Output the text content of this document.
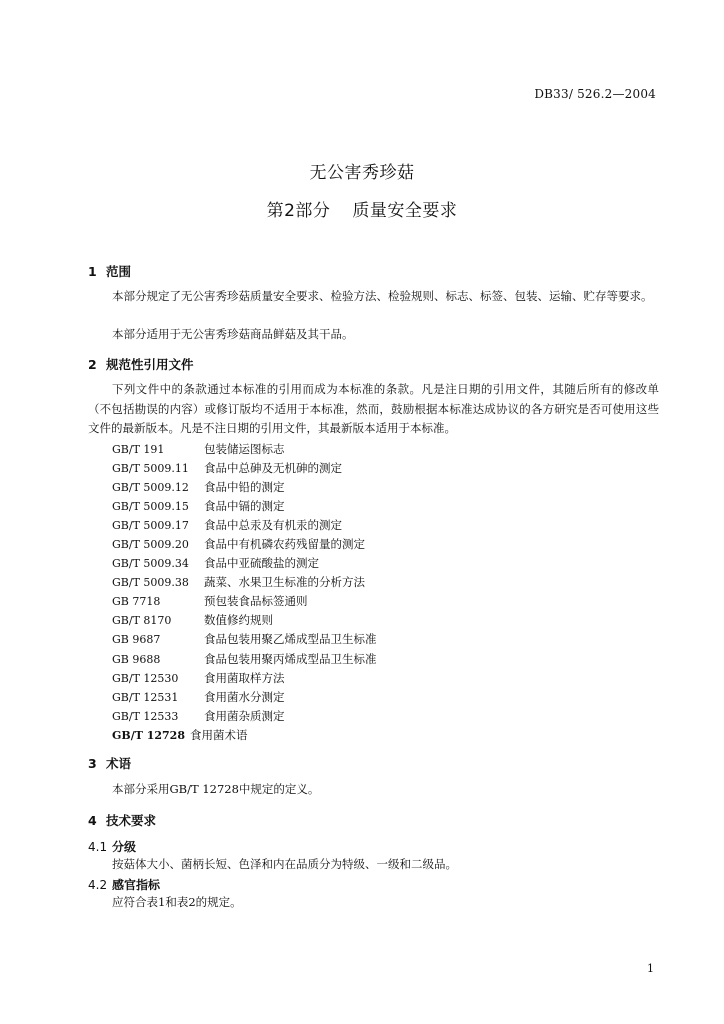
DB33/ 526.2—2004
无公害秀珍菇
第2部分 质量安全要求
1 范围
本部分规定了无公害秀珍菇质量安全要求、检验方法、检验规则、标志、标签、包装、运输、贮存等要求。
本部分适用于无公害秀珍菇商品鲜菇及其干品。
2 规范性引用文件
下列文件中的条款通过本标准的引用而成为本标准的条款。凡是注日期的引用文件，其随后所有的修改单（不包括勘误的内容）或修订版均不适用于本标准，然而，鼓励根据本标准达成协议的各方研究是否可使用这些文件的最新版本。凡是不注日期的引用文件，其最新版本适用于本标准。
GB/T 191	包装储运图标志
GB/T 5009.11 食品中总砷及无机砷的测定
GB/T 5009.12 食品中铅的测定
GB/T 5009.15 食品中镉的测定
GB/T 5009.17 食品中总汞及有机汞的测定
GB/T 5009.20 食品中有机磷农药残留量的测定
GB/T 5009.34 食品中亚硫酸盐的测定
GB/T 5009.38 蔬菜、水果卫生标准的分析方法
GB 7718	预包装食品标签通则
GB/T 8170	数值修约规则
GB 9687	食品包装用聚乙烯成型品卫生标准
GB 9688	食品包装用聚丙烯成型品卫生标准
GB/T 12530 食用菌取样方法
GB/T 12531 食用菌水分测定
GB/T 12533 食用菌杂质测定
GB/T 12728 食用菌术语
3 术语
本部分采用GB/T 12728中规定的定义。
4 技术要求
4.1 分级
按菇体大小、菌柄长短、色泽和内在品质分为特级、一级和二级品。
4.2 感官指标
应符合表1和表2的规定。
1
